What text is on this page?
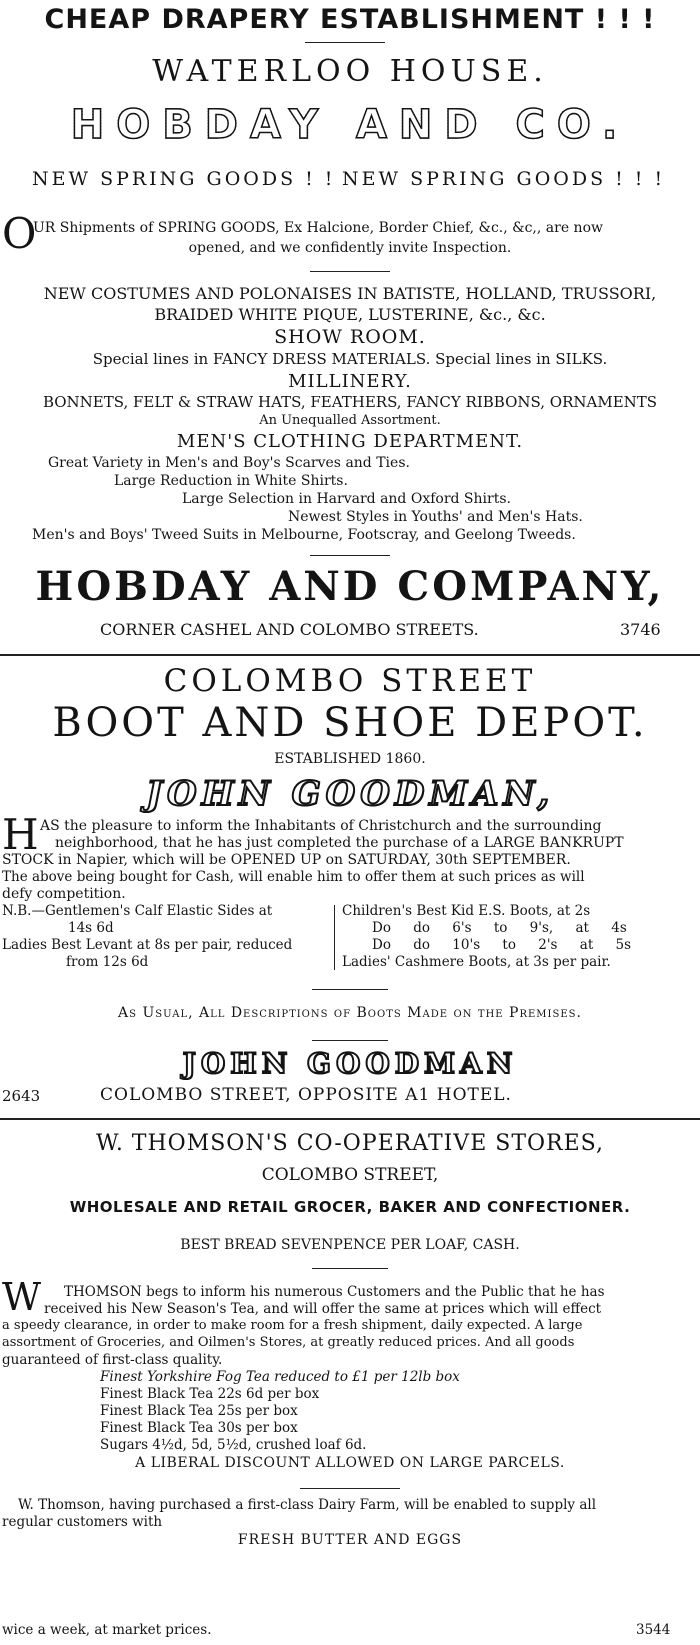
CHEAP DRAPERY ESTABLISHMENT ! ! !
WATERLOO HOUSE.
HOBDAY AND CO.
NEW SPRING GOODS ! ! NEW SPRING GOODS ! ! !
O
UR Shipments of SPRING GOODS, Ex Halcione, Border Chief, &c., &c,, are now
opened, and we confidently invite Inspection.
NEW COSTUMES AND POLONAISES IN BATISTE, HOLLAND, TRUSSORI,
BRAIDED WHITE PIQUE, LUSTERINE, &c., &c.
SHOW ROOM.
Special lines in FANCY DRESS MATERIALS. Special lines in SILKS.
MILLINERY.
BONNETS, FELT & STRAW HATS, FEATHERS, FANCY RIBBONS, ORNAMENTS
An Unequalled Assortment.
MEN'S CLOTHING DEPARTMENT.
Great Variety in Men's and Boy's Scarves and Ties.
Large Reduction in White Shirts.
Large Selection in Harvard and Oxford Shirts.
Newest Styles in Youths' and Men's Hats.
Men's and Boys' Tweed Suits in Melbourne, Footscray, and Geelong Tweeds.
HOBDAY AND COMPANY,
CORNER CASHEL AND COLOMBO STREETS.	3746
COLOMBO STREET
BOOT AND SHOE DEPOT.
ESTABLISHED 1860.
JOHN GOODMAN,
H AS the pleasure to inform the Inhabitants of Christchurch and the surrounding
neighborhood, that he has just completed the purchase of a LARGE BANKRUPT
STOCK in Napier, which will be OPENED UP on SATURDAY, 30th SEPTEMBER.
The above being bought for Cash, will enable him to offer them at such prices as will
defy competition.
N.B.—Gentlemen's Calf Elastic Sides at
14s 6d
Ladies Best Levant at 8s per pair, reduced
from 12s 6d
Children's Best Kid E.S. Boots, at 2s
Do do 6's to 9's, at 4s
Do do 10's to 2's at 5s
Ladies' Cashmere Boots, at 3s per pair.
As Usual, All Descriptions of Boots Made on the Premises.
JOHN GOODMAN
2643	COLOMBO STREET, OPPOSITE A1 HOTEL.
W. THOMSON'S CO-OPERATIVE STORES,
COLOMBO STREET,
WHOLESALE AND RETAIL GROCER, BAKER AND CONFECTIONER.
BEST BREAD SEVENPENCE PER LOAF, CASH.
W THOMSON begs to inform his numerous Customers and the Public that he has
received his New Season's Tea, and will offer the same at prices which will effect
a speedy clearance, in order to make room for a fresh shipment, daily expected. A large
assortment of Groceries, and Oilmen's Stores, at greatly reduced prices. And all goods
guaranteed of first-class quality.
Finest Yorkshire Fog Tea reduced to £1 per 12lb box
Finest Black Tea 22s 6d per box
Finest Black Tea 25s per box
Finest Black Tea 30s per box
Sugars 4½d, 5d, 5½d, crushed loaf 6d.
A LIBERAL DISCOUNT ALLOWED ON LARGE PARCELS.
W. Thomson, having purchased a first-class Dairy Farm, will be enabled to supply all
regular customers with
FRESH BUTTER AND EGGS
wice a week, at market prices.	3544
